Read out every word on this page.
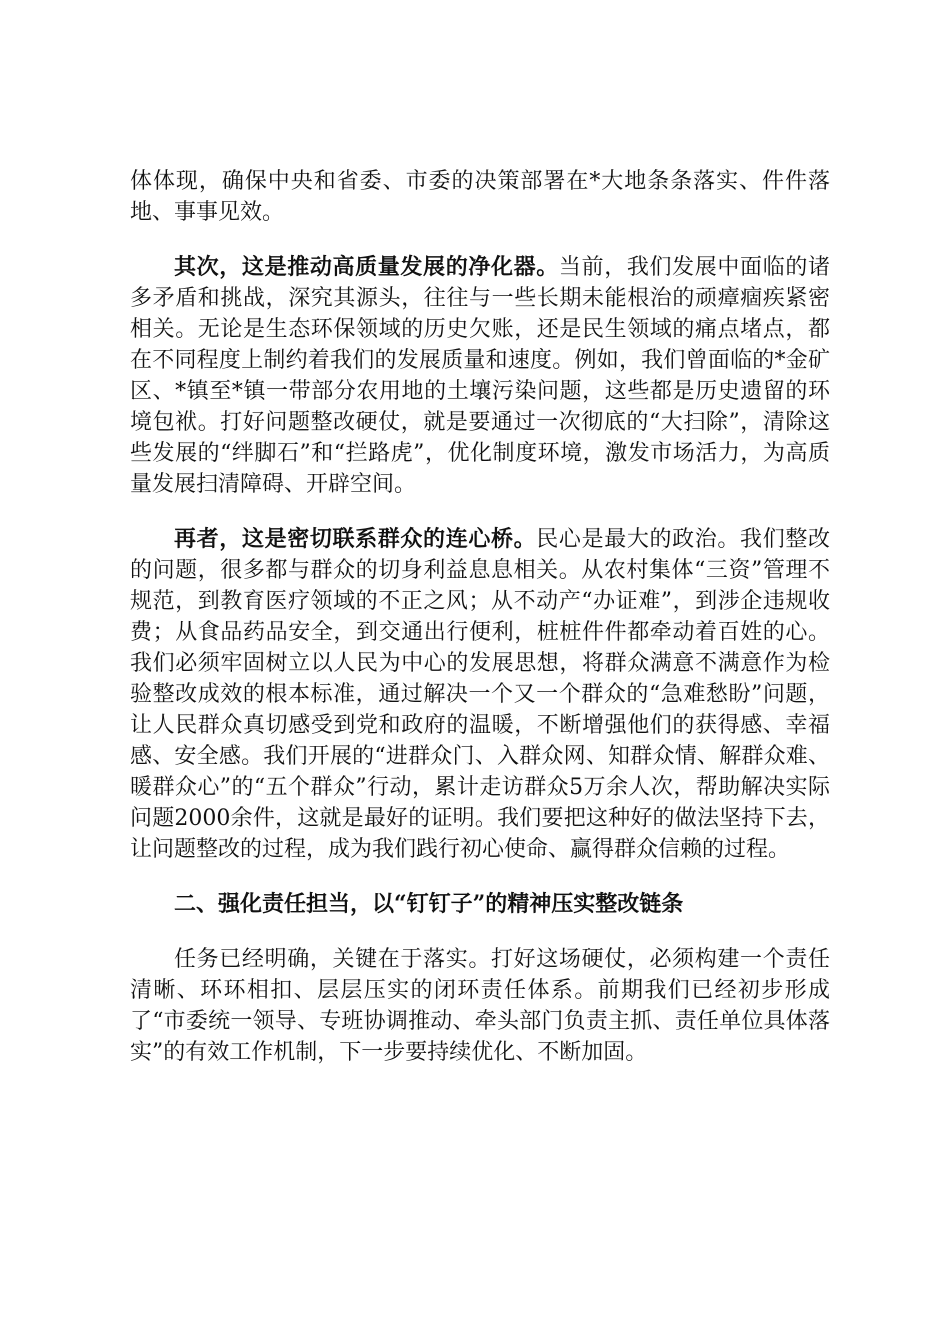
体体现，确保中央和省委、市委的决策部署在*大地条条落实、件件落地、事事见效。

其次，这是推动高质量发展的净化器。当前，我们发展中面临的诸多矛盾和挑战，深究其源头，往往与一些长期未能根治的顽瘴痼疾紧密相关。无论是生态环保领域的历史欠账，还是民生领域的痛点堵点，都在不同程度上制约着我们的发展质量和速度。例如，我们曾面临的*金矿区、*镇至*镇一带部分农用地的土壤污染问题，这些都是历史遗留的环境包袱。打好问题整改硬仗，就是要通过一次彻底的“大扫除”，清除这些发展的“绊脚石”和“拦路虎”，优化制度环境，激发市场活力，为高质量发展扫清障碍、开辟空间。

再者，这是密切联系群众的连心桥。民心是最大的政治。我们整改的问题，很多都与群众的切身利益息息相关。从农村集体“三资”管理不规范，到教育医疗领域的不正之风；从不动产“办证难”，到涉企违规收费；从食品药品安全，到交通出行便利，桩桩件件都牵动着百姓的心。我们必须牢固树立以人民为中心的发展思想，将群众满意不满意作为检验整改成效的根本标准，通过解决一个又一个群众的“急难愁盼”问题，让人民群众真切感受到党和政府的温暖，不断增强他们的获得感、幸福感、安全感。我们开展的“进群众门、入群众网、知群众情、解群众难、暖群众心”的“五个群众”行动，累计走访群众5万余人次，帮助解决实际问题2000余件，这就是最好的证明。我们要把这种好的做法坚持下去，让问题整改的过程，成为我们践行初心使命、赢得群众信赖的过程。

二、强化责任担当，以“钉钉子”的精神压实整改链条

任务已经明确，关键在于落实。打好这场硬仗，必须构建一个责任清晰、环环相扣、层层压实的闭环责任体系。前期我们已经初步形成了“市委统一领导、专班协调推动、牵头部门负责主抓、责任单位具体落实”的有效工作机制，下一步要持续优化、不断加固。
